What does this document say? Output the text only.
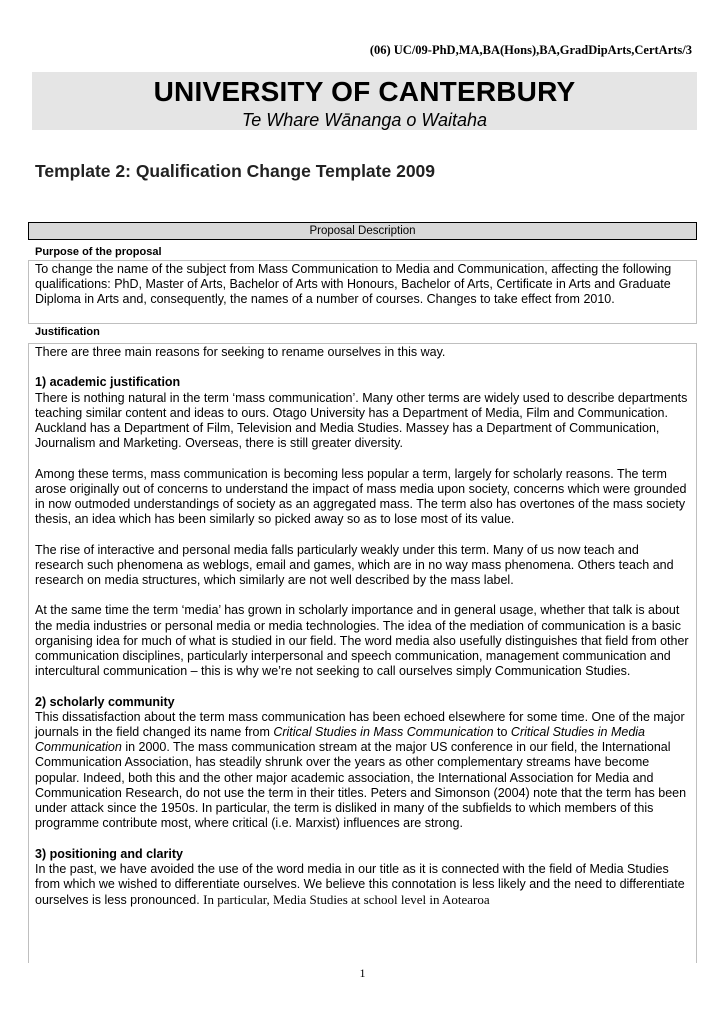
(06) UC/09-PhD,MA,BA(Hons),BA,GradDipArts,CertArts/3
UNIVERSITY OF CANTERBURY
Te Whare Wānanga o Waitaha
Template 2: Qualification Change Template 2009
Proposal Description
Purpose of the proposal

To change the name of the subject from Mass Communication to Media and Communication, affecting the following qualifications: PhD, Master of Arts, Bachelor of Arts with Honours, Bachelor of Arts, Certificate in Arts and Graduate Diploma in Arts and, consequently, the names of a number of courses. Changes to take effect from 2010.

Justification

There are three main reasons for seeking to rename ourselves in this way.

1) academic justification

There is nothing natural in the term ‘mass communication’. Many other terms are widely used to describe departments teaching similar content and ideas to ours. Otago University has a Department of Media, Film and Communication. Auckland has a Department of Film, Television and Media Studies. Massey has a Department of Communication, Journalism and Marketing. Overseas, there is still greater diversity.

Among these terms, mass communication is becoming less popular a term, largely for scholarly reasons. The term arose originally out of concerns to understand the impact of mass media upon society, concerns which were grounded in now outmoded understandings of society as an aggregated mass. The term also has overtones of the mass society thesis, an idea which has been similarly so picked away so as to lose most of its value.

The rise of interactive and personal media falls particularly weakly under this term. Many of us now teach and research such phenomena as weblogs, email and games, which are in no way mass phenomena. Others teach and research on media structures, which similarly are not well described by the mass label.

At the same time the term ‘media’ has grown in scholarly importance and in general usage, whether that talk is about the media industries or personal media or media technologies. The idea of the mediation of communication is a basic organising idea for much of what is studied in our field. The word media also usefully distinguishes that field from other communication disciplines, particularly interpersonal and speech communication, management communication and intercultural communication – this is why we’re not seeking to call ourselves simply Communication Studies.

2) scholarly community

This dissatisfaction about the term mass communication has been echoed elsewhere for some time. One of the major journals in the field changed its name from Critical Studies in Mass Communication to Critical Studies in Media Communication in 2000. The mass communication stream at the major US conference in our field, the International Communication Association, has steadily shrunk over the years as other complementary streams have become popular. Indeed, both this and the other major academic association, the International Association for Media and Communication Research, do not use the term in their titles. Peters and Simonson (2004) note that the term has been under attack since the 1950s. In particular, the term is disliked in many of the subfields to which members of this programme contribute most, where critical (i.e. Marxist) influences are strong.

3) positioning and clarity

In the past, we have avoided the use of the word media in our title as it is connected with the field of Media Studies from which we wished to differentiate ourselves. We believe this connotation is less likely and the need to differentiate ourselves is less pronounced. In particular, Media Studies at school level in Aotearoa

1
